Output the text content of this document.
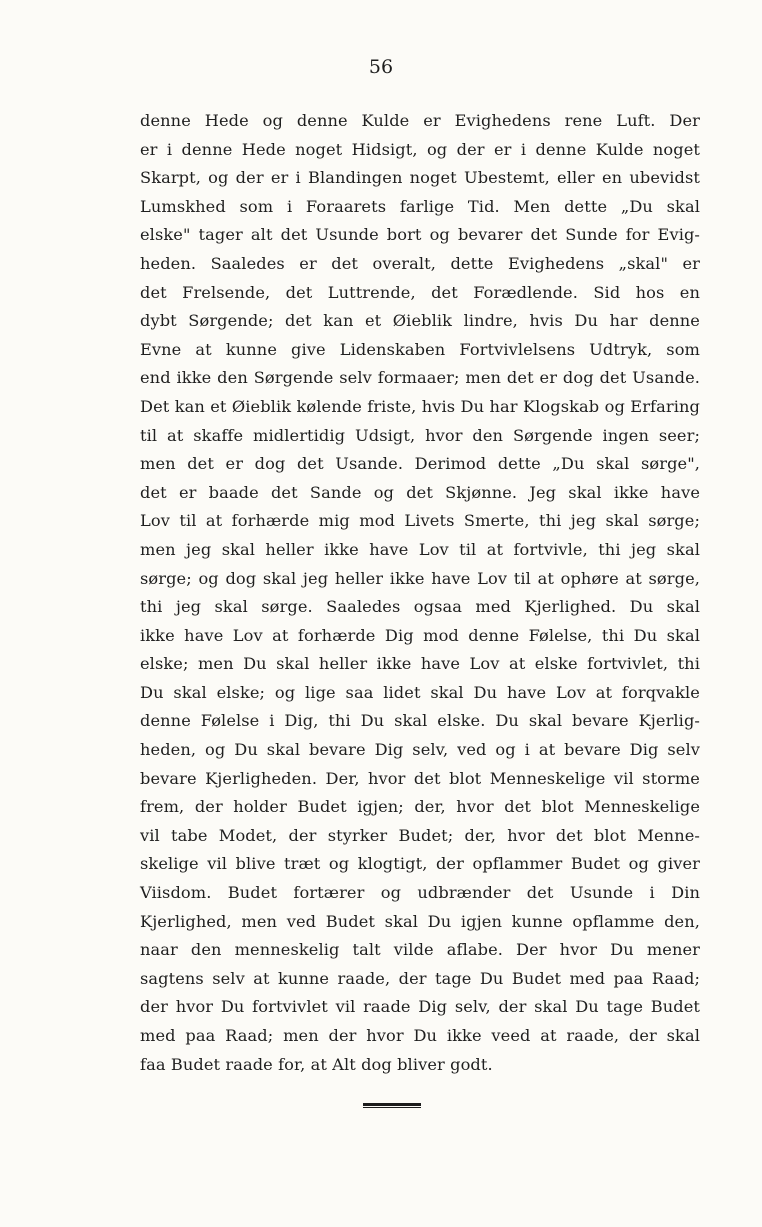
56
denne Hede og denne Kulde er Evighedens rene Luft. Der
er i denne Hede noget Hidsigt, og der er i denne Kulde noget
Skarpt, og der er i Blandingen noget Ubestemt, eller en ubevidst
Lumskhed som i Foraarets farlige Tid. Men dette „Du skal
elske" tager alt det Usunde bort og bevarer det Sunde for Evig-
heden. Saaledes er det overalt, dette Evighedens „skal" er
det Frelsende, det Luttrende, det Forædlende. Sid hos en
dybt Sørgende; det kan et Øieblik lindre, hvis Du har denne
Evne at kunne give Lidenskaben Fortvivlelsens Udtryk, som
end ikke den Sørgende selv formaaer; men det er dog det Usande.
Det kan et Øieblik kølende friste, hvis Du har Klogskab og Erfaring
til at skaffe midlertidig Udsigt, hvor den Sørgende ingen seer;
men det er dog det Usande. Derimod dette „Du skal sørge",
det er baade det Sande og det Skjønne. Jeg skal ikke have
Lov til at forhærde mig mod Livets Smerte, thi jeg skal sørge;
men jeg skal heller ikke have Lov til at fortvivle, thi jeg skal
sørge; og dog skal jeg heller ikke have Lov til at ophøre at sørge,
thi jeg skal sørge. Saaledes ogsaa med Kjerlighed. Du skal
ikke have Lov at forhærde Dig mod denne Følelse, thi Du skal
elske; men Du skal heller ikke have Lov at elske fortvivlet, thi
Du skal elske; og lige saa lidet skal Du have Lov at forqvakle
denne Følelse i Dig, thi Du skal elske. Du skal bevare Kjerlig-
heden, og Du skal bevare Dig selv, ved og i at bevare Dig selv
bevare Kjerligheden. Der, hvor det blot Menneskelige vil storme
frem, der holder Budet igjen; der, hvor det blot Menneskelige
vil tabe Modet, der styrker Budet; der, hvor det blot Menne-
skelige vil blive træt og klogtigt, der opflammer Budet og giver
Viisdom. Budet fortærer og udbrænder det Usunde i Din
Kjerlighed, men ved Budet skal Du igjen kunne opflamme den,
naar den menneskelig talt vilde aflabe. Der hvor Du mener
sagtens selv at kunne raade, der tage Du Budet med paa Raad;
der hvor Du fortvivlet vil raade Dig selv, der skal Du tage Budet
med paa Raad; men der hvor Du ikke veed at raade, der skal
faa Budet raade for, at Alt dog bliver godt.
